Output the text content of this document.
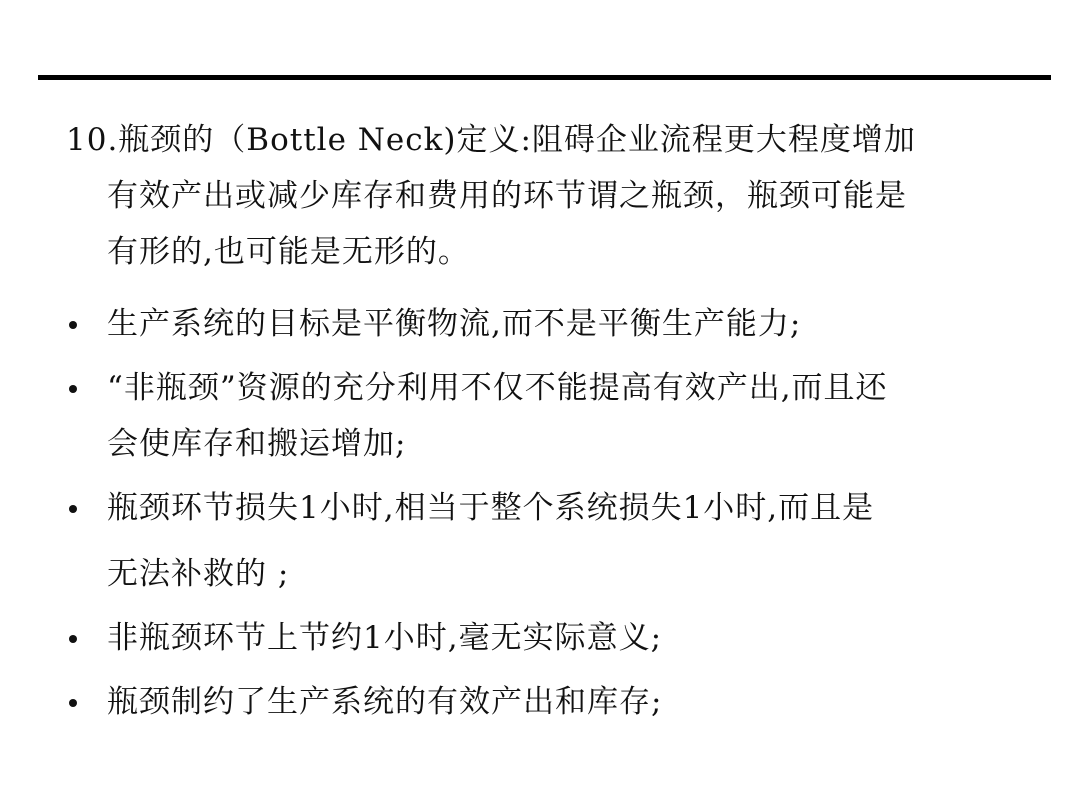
10.瓶颈的（Bottle Neck)定义:阻碍企业流程更大程度增加
有效产出或减少库存和费用的环节谓之瓶颈，瓶颈可能是
有形的,也可能是无形的。
生产系统的目标是平衡物流,而不是平衡生产能力;
“非瓶颈”资源的充分利用不仅不能提高有效产出,而且还
会使库存和搬运增加;
瓶颈环节损失1小时,相当于整个系统损失1小时,而且是
无法补救的 ;
非瓶颈环节上节约1小时,毫无实际意义;
瓶颈制约了生产系统的有效产出和库存;
